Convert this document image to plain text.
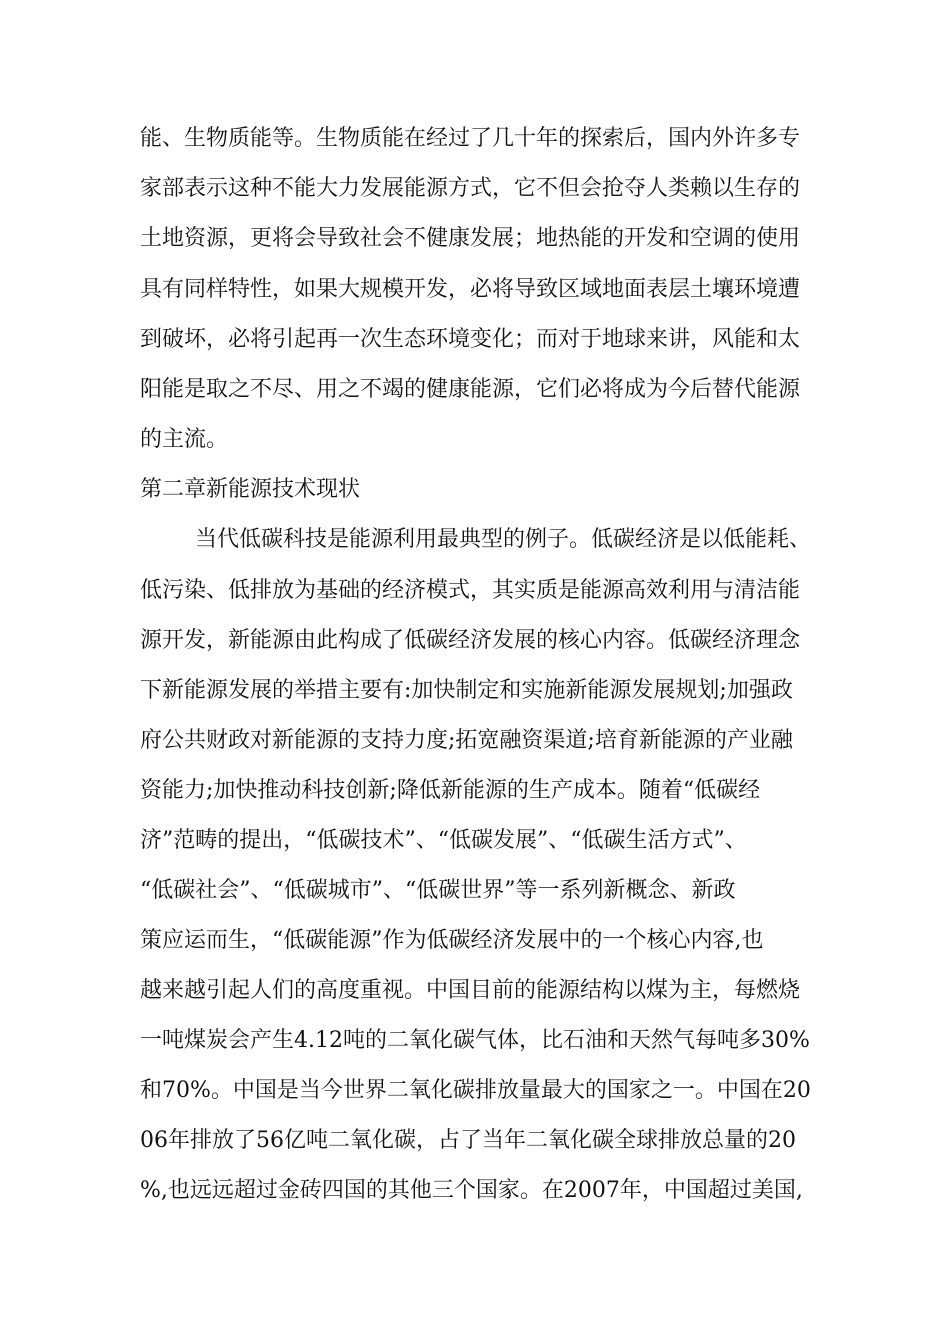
能、生物质能等。生物质能在经过了几十年的探索后，国内外许多专
家部表示这种不能大力发展能源方式，它不但会抢夺人类赖以生存的
土地资源，更将会导致社会不健康发展；地热能的开发和空调的使用
具有同样特性，如果大规模开发，必将导致区域地面表层土壤环境遭
到破坏，必将引起再一次生态环境变化；而对于地球来讲，风能和太
阳能是取之不尽、用之不竭的健康能源，它们必将成为今后替代能源
的主流。
第二章新能源技术现状
当代低碳科技是能源利用最典型的例子。低碳经济是以低能耗、
低污染、低排放为基础的经济模式，其实质是能源高效利用与清洁能
源开发，新能源由此构成了低碳经济发展的核心内容。低碳经济理念
下新能源发展的举措主要有:加快制定和实施新能源发展规划;加强政
府公共财政对新能源的支持力度;拓宽融资渠道;培育新能源的产业融
资能力;加快推动科技创新;降低新能源的生产成本。随着“低碳经
济”范畴的提出，“低碳技术”、“低碳发展”、“低碳生活方式”、
“低碳社会”、“低碳城市”、“低碳世界”等一系列新概念、新政
策应运而生，“低碳能源”作为低碳经济发展中的一个核心内容,也
越来越引起人们的高度重视。中国目前的能源结构以煤为主，每燃烧
一吨煤炭会产生4.12吨的二氧化碳气体，比石油和天然气每吨多30%
和70%。中国是当今世界二氧化碳排放量最大的国家之一。中国在20
06年排放了56亿吨二氧化碳，占了当年二氧化碳全球排放总量的20
%,也远远超过金砖四国的其他三个国家。在2007年，中国超过美国,
